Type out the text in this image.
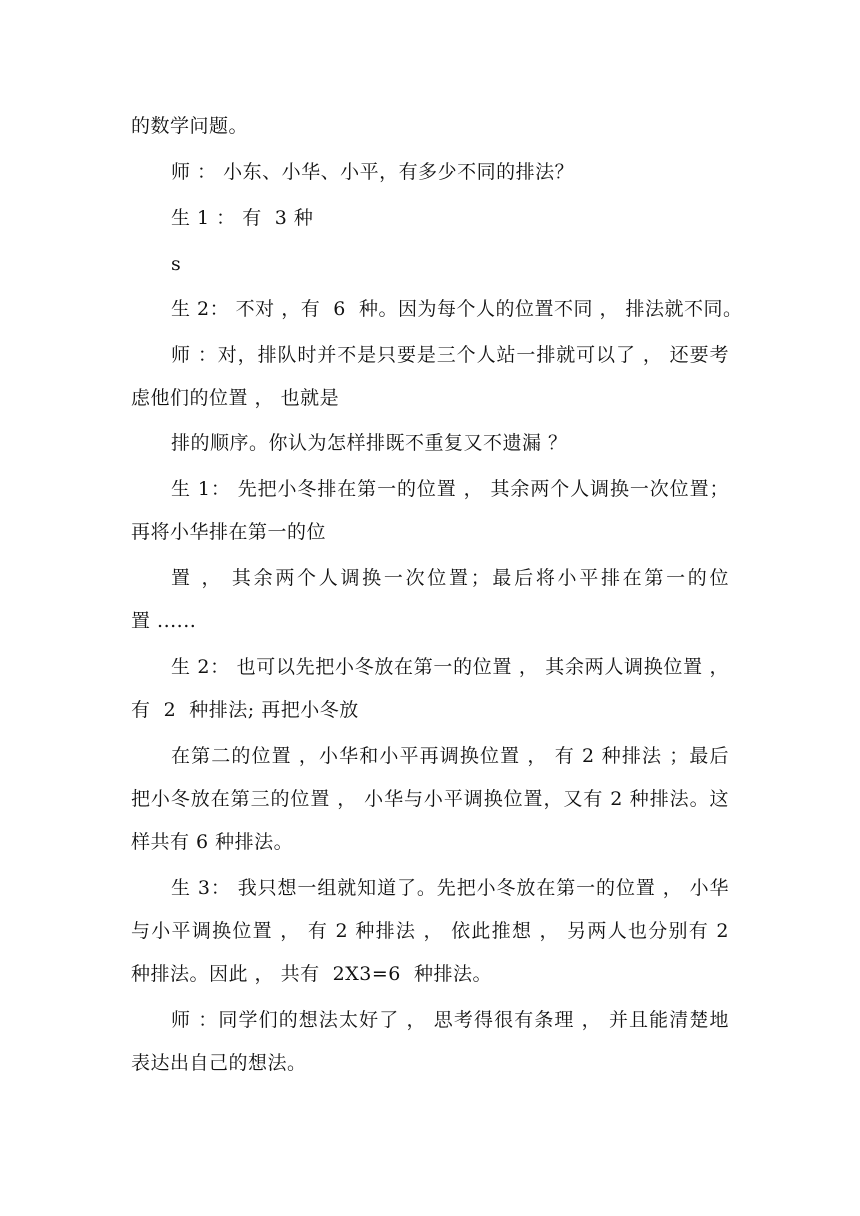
的数学问题。
师 ： 小东、小华、小平，有多少不同的排法？
生 1 ： 有  3 种
s
生 2： 不对 ，有  6  种。因为每个人的位置不同 ， 排法就不同。
师 ：对，排队时并不是只要是三个人站一排就可以了 ， 还要考
虑他们的位置 ， 也就是
排的顺序。你认为怎样排既不重复又不遗漏 ？
生 1： 先把小冬排在第一的位置 ， 其余两个人调换一次位置；
再将小华排在第一的位
置 ， 其余两个人调换一次位置；最后将小平排在第一的位
置 ......
生 2： 也可以先把小冬放在第一的位置 ， 其余两人调换位置 ，
有  2  种排法; 再把小冬放
在第二的位置 ，小华和小平再调换位置 ， 有 2 种排法 ；最后
把小冬放在第三的位置 ， 小华与小平调换位置，又有 2 种排法。这
样共有 6 种排法。
生 3： 我只想一组就知道了。先把小冬放在第一的位置 ， 小华
与小平调换位置 ， 有 2 种排法 ， 依此推想 ， 另两人也分别有 2
种排法。因此 ， 共有  2X3=6  种排法。
师 ：同学们的想法太好了 ， 思考得很有条理 ， 并且能清楚地
表达出自己的想法。
